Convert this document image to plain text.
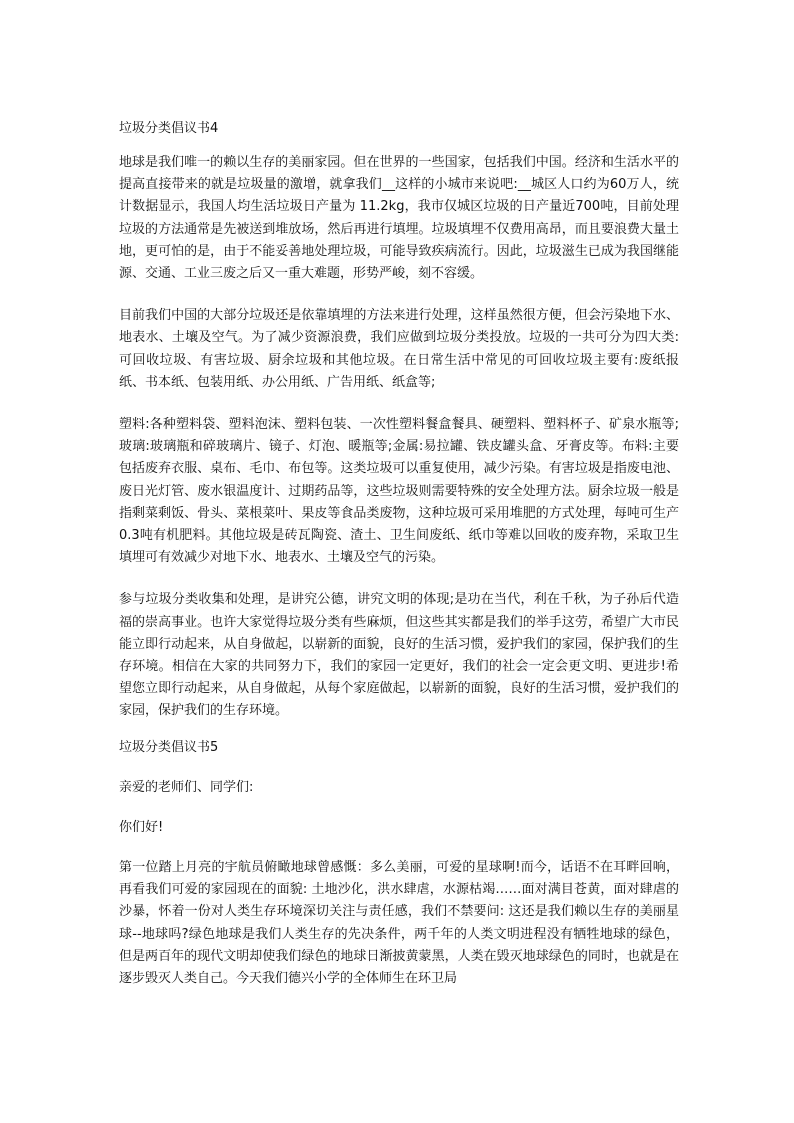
垃圾分类倡议书4

地球是我们唯一的赖以生存的美丽家园。但在世界的一些国家，包括我们中国。经济和生活水平的提高直接带来的就是垃圾量的激增，就拿我们__这样的小城市来说吧:__城区人口约为60万人，统计数据显示，我国人均生活垃圾日产量为 11.2kg，我市仅城区垃圾的日产量近700吨，目前处理垃圾的方法通常是先被送到堆放场，然后再进行填埋。垃圾填埋不仅费用高昂，而且要浪费大量土地，更可怕的是，由于不能妥善地处理垃圾，可能导致疾病流行。因此，垃圾滋生已成为我国继能源、交通、工业三废之后又一重大难题，形势严峻，刻不容缓。

目前我们中国的大部分垃圾还是依靠填埋的方法来进行处理，这样虽然很方便，但会污染地下水、地表水、土壤及空气。为了减少资源浪费，我们应做到垃圾分类投放。垃圾的一共可分为四大类:可回收垃圾、有害垃圾、厨余垃圾和其他垃圾。在日常生活中常见的可回收垃圾主要有:废纸报纸、书本纸、包装用纸、办公用纸、广告用纸、纸盒等;

塑料:各种塑料袋、塑料泡沫、塑料包装、一次性塑料餐盒餐具、硬塑料、塑料杯子、矿泉水瓶等;玻璃:玻璃瓶和碎玻璃片、镜子、灯泡、暖瓶等;金属:易拉罐、铁皮罐头盒、牙膏皮等。布料:主要包括废弃衣服、桌布、毛巾、布包等。这类垃圾可以重复使用，减少污染。有害垃圾是指废电池、废日光灯管、废水银温度计、过期药品等，这些垃圾则需要特殊的安全处理方法。厨余垃圾一般是指剩菜剩饭、骨头、菜根菜叶、果皮等食品类废物，这种垃圾可采用堆肥的方式处理，每吨可生产 0.3吨有机肥料。其他垃圾是砖瓦陶瓷、渣土、卫生间废纸、纸巾等难以回收的废弃物，采取卫生填埋可有效减少对地下水、地表水、土壤及空气的污染。

参与垃圾分类收集和处理，是讲究公德，讲究文明的体现;是功在当代，利在千秋，为子孙后代造福的崇高事业。也许大家觉得垃圾分类有些麻烦，但这些其实都是我们的举手这劳，希望广大市民能立即行动起来，从自身做起，以崭新的面貌，良好的生活习惯，爱护我们的家园，保护我们的生存环境。相信在大家的共同努力下，我们的家园一定更好，我们的社会一定会更文明、更进步!希望您立即行动起来，从自身做起，从每个家庭做起，以崭新的面貌，良好的生活习惯，爱护我们的家园，保护我们的生存环境。

垃圾分类倡议书5

亲爱的老师们、同学们:

你们好!

第一位踏上月亮的宇航员俯瞰地球曾感慨：多么美丽，可爱的星球啊!而今，话语不在耳畔回响，再看我们可爱的家园现在的面貌: 土地沙化，洪水肆虐，水源枯竭……面对满目苍黄，面对肆虐的沙暴，怀着一份对人类生存环境深切关注与责任感，我们不禁要问: 这还是我们赖以生存的美丽星球--地球吗?绿色地球是我们人类生存的先决条件，两千年的人类文明进程没有牺牲地球的绿色，但是两百年的现代文明却使我们绿色的地球日渐披黄蒙黑，人类在毁灭地球绿色的同时，也就是在逐步毁灭人类自己。今天我们德兴小学的全体师生在环卫局
